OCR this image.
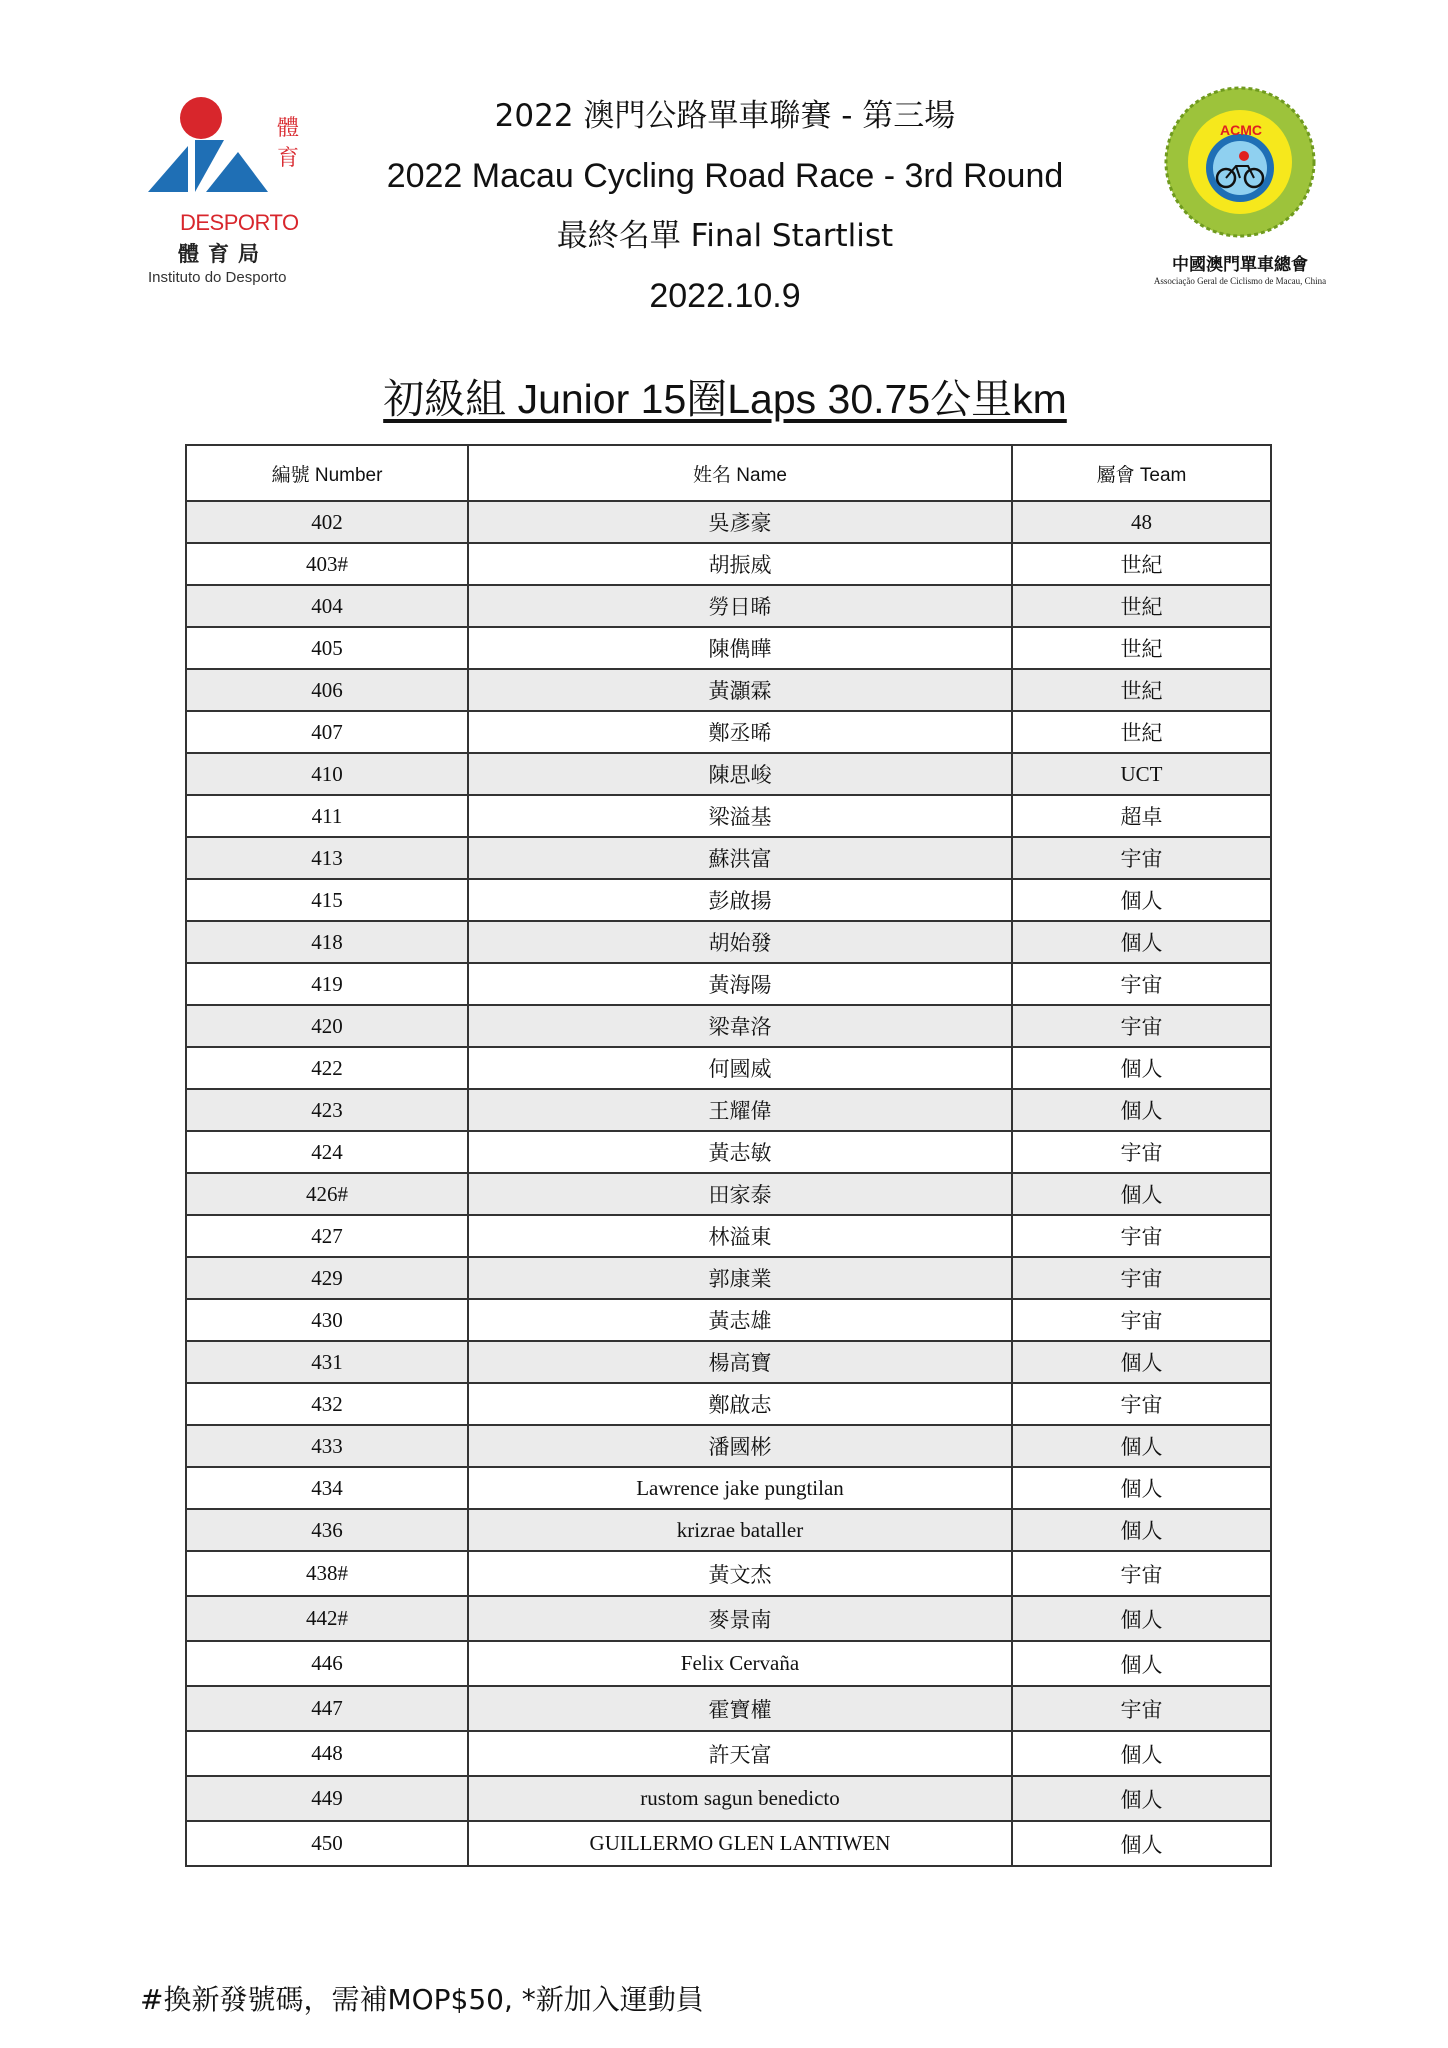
體
育
DESPORTO
體育局
Instituto do Desporto
2022 澳門公路單車聯賽 - 第三場
2022 Macau Cycling Road Race - 3rd Round
最終名單 Final Startlist
2022.10.9
ACMC
中國澳門單車總會
Associação Geral de Ciclismo de Macau, China
初級組 Junior 15圈Laps 30.75公里km
編號 Number	姓名 Name	屬會 Team
402	吳彥豪	48
403#	胡振威	世紀
404	勞日晞	世紀
405	陳儁曄	世紀
406	黃灝霖	世紀
407	鄭丞晞	世紀
410	陳思峻	UCT
411	梁溢基	超卓
413	蘇洪富	宇宙
415	彭啟揚	個人
418	胡始發	個人
419	黃海陽	宇宙
420	梁韋洛	宇宙
422	何國威	個人
423	王耀偉	個人
424	黃志敏	宇宙
426#	田家泰	個人
427	林溢東	宇宙
429	郭康業	宇宙
430	黃志雄	宇宙
431	楊高寶	個人
432	鄭啟志	宇宙
433	潘國彬	個人
434	Lawrence jake pungtilan	個人
436	krizrae bataller	個人
438#	黃文杰	宇宙
442#	麥景南	個人
446	Felix Cervaña	個人
447	霍寶權	宇宙
448	許天富	個人
449	rustom sagun benedicto	個人
450	GUILLERMO GLEN LANTIWEN	個人
#換新發號碼，需補MOP$50, *新加入運動員
